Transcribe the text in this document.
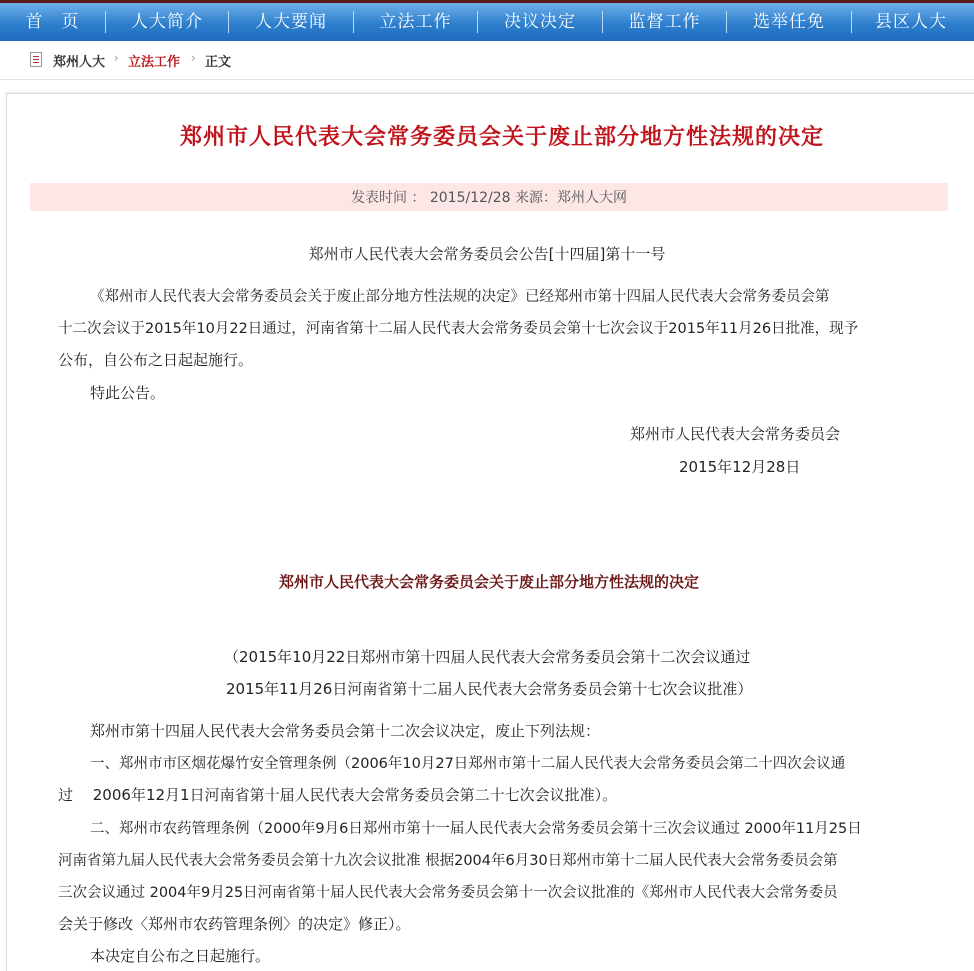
首　页	人大简介	人大要闻	立法工作	决议决定	监督工作	选举任免	县区人大
郑州人大 › 立法工作 › 正文
郑州市人民代表大会常务委员会关于废止部分地方性法规的决定
发表时间 ： 2015/12/28 来源：郑州人大网
郑州市人民代表大会常务委员会公告[十四届]第十一号
《郑州市人民代表大会常务委员会关于废止部分地方性法规的决定》已经郑州市第十四届人民代表大会常务委员会第
十二次会议于2015年10月22日通过，河南省第十二届人民代表大会常务委员会第十七次会议于2015年11月26日批准，现予
公布，自公布之日起起施行。
特此公告。
郑州市人民代表大会常务委员会
2015年12月28日
郑州市人民代表大会常务委员会关于废止部分地方性法规的决定
（2015年10月22日郑州市第十四届人民代表大会常务委员会第十二次会议通过
2015年11月26日河南省第十二届人民代表大会常务委员会第十七次会议批准）
郑州市第十四届人民代表大会常务委员会第十二次会议决定，废止下列法规：
一、郑州市市区烟花爆竹安全管理条例（2006年10月27日郑州市第十二届人民代表大会常务委员会第二十四次会议通
过　 2006年12月1日河南省第十届人民代表大会常务委员会第二十七次会议批准）。
二、郑州市农药管理条例（2000年9月6日郑州市第十一届人民代表大会常务委员会第十三次会议通过 2000年11月25日
河南省第九届人民代表大会常务委员会第十九次会议批准 根据2004年6月30日郑州市第十二届人民代表大会常务委员会第
三次会议通过 2004年9月25日河南省第十届人民代表大会常务委员会第十一次会议批准的《郑州市人民代表大会常务委员
会关于修改〈郑州市农药管理条例〉的决定》修正）。
本决定自公布之日起施行。
